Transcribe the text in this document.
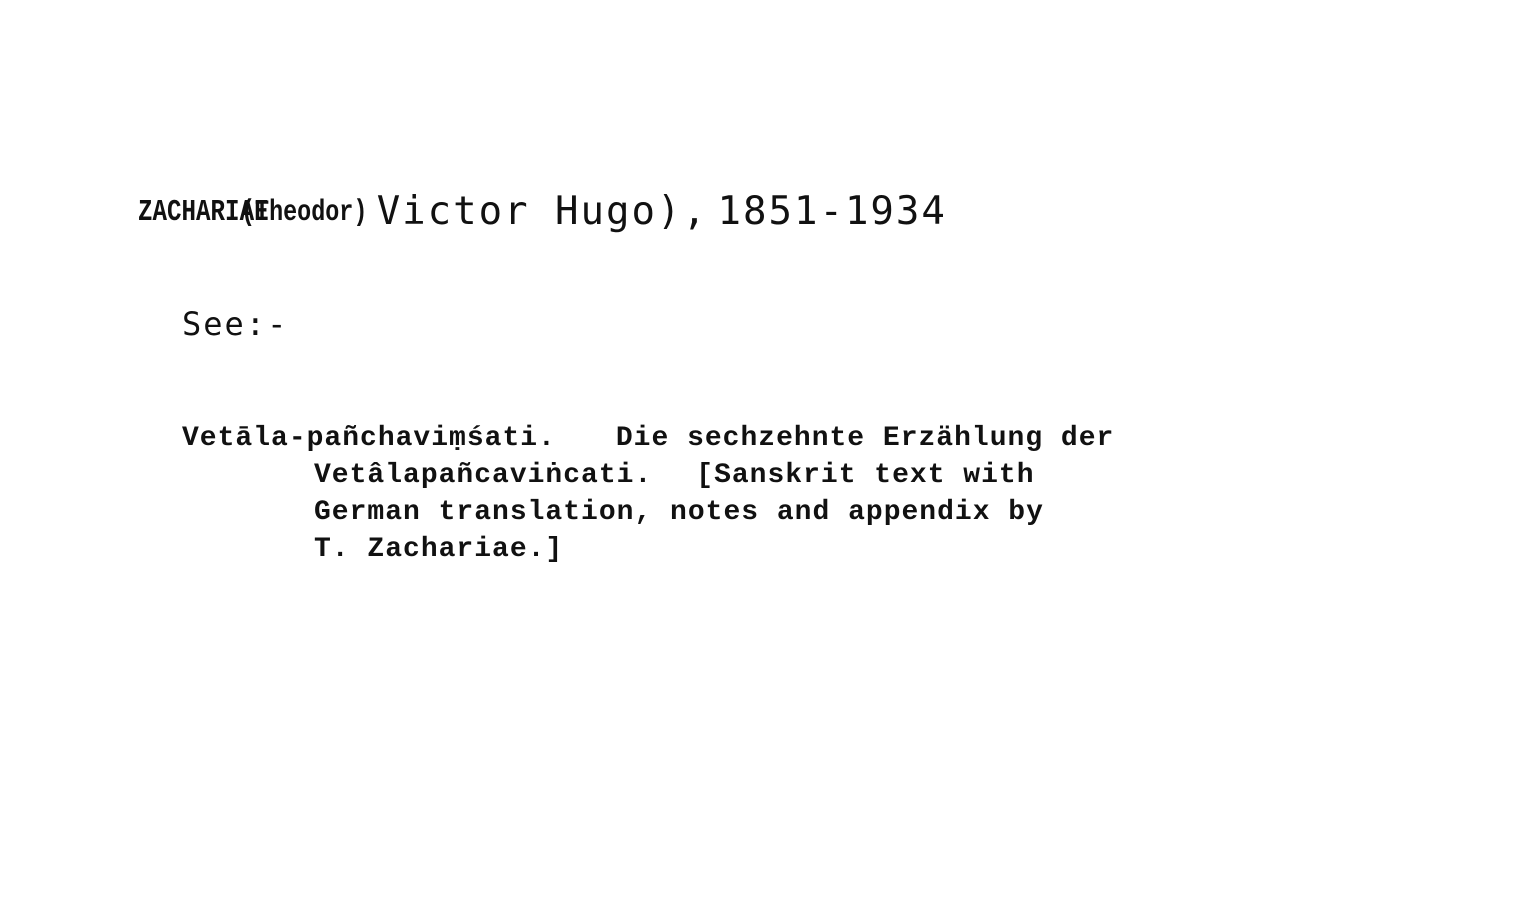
ZACHARIAE (Theodor) Victor Hugo), 1851-1934
See:-
Vetāla-pañchaviṃśati. Die sechzehnte Erzählung der
Vetâlapañcaviṅcati. [Sanskrit text with
German translation, notes and appendix by
T. Zachariae.]
